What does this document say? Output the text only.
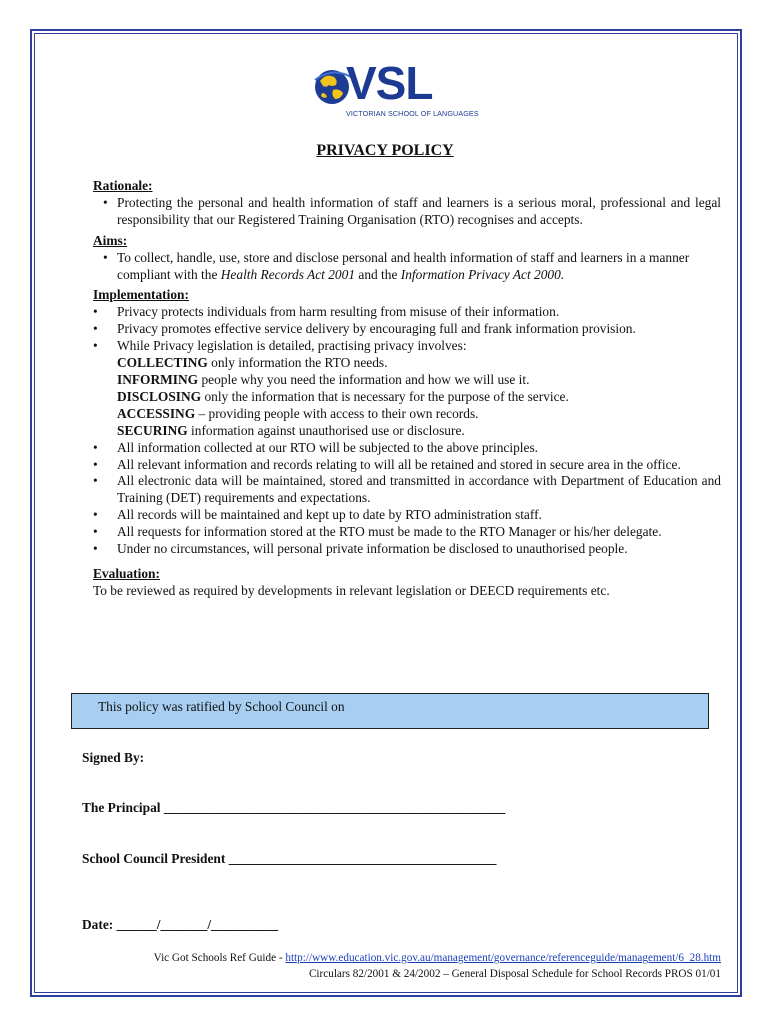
VSL
VICTORIAN SCHOOL OF LANGUAGES
PRIVACY POLICY
Rationale:
• Protecting the personal and health information of staff and learners is a serious moral, professional and legal responsibility that our Registered Training Organisation (RTO) recognises and accepts.
Aims:
• To collect, handle, use, store and disclose personal and health information of staff and learners in a manner compliant with the Health Records Act 2001 and the Information Privacy Act 2000.
Implementation:
• Privacy protects individuals from harm resulting from misuse of their information.
• Privacy promotes effective service delivery by encouraging full and frank information provision.
• While Privacy legislation is detailed, practising privacy involves:
COLLECTING only information the RTO needs.
INFORMING people why you need the information and how we will use it.
DISCLOSING only the information that is necessary for the purpose of the service.
ACCESSING – providing people with access to their own records.
SECURING information against unauthorised use or disclosure.
• All information collected at our RTO will be subjected to the above principles.
• All relevant information and records relating to will all be retained and stored in secure area in the office.
• All electronic data will be maintained, stored and transmitted in accordance with Department of Education and Training (DET) requirements and expectations.
• All records will be maintained and kept up to date by RTO administration staff.
• All requests for information stored at the RTO must be made to the RTO Manager or his/her delegate.
• Under no circumstances, will personal private information be disclosed to unauthorised people.
Evaluation:
To be reviewed as required by developments in relevant legislation or DEECD requirements etc.
This policy was ratified by School Council on
Signed By:
The Principal ___________________________________________________
School Council President ________________________________________
Date: ______/_______/__________
Vic Got Schools Ref Guide - http://www.education.vic.gov.au/management/governance/referenceguide/management/6_28.htm
Circulars 82/2001 & 24/2002 – General Disposal Schedule for School Records PROS 01/01
